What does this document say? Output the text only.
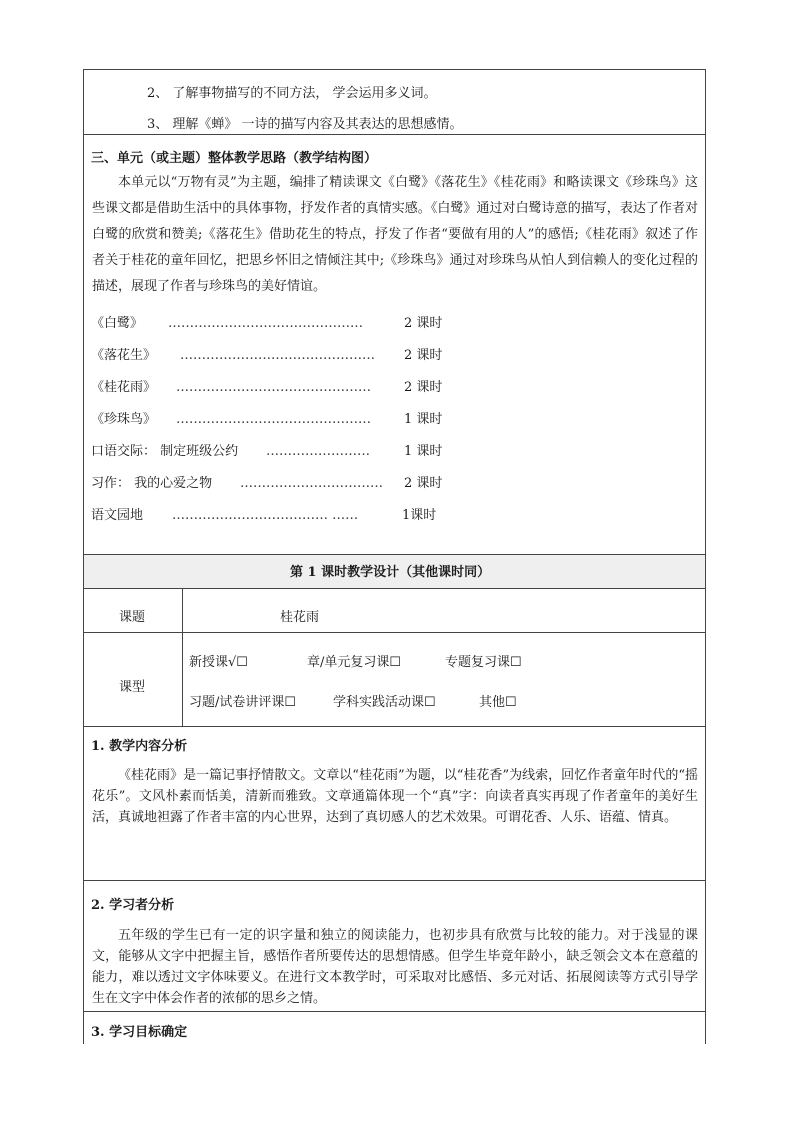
2、 了解事物描写的不同方法， 学会运用多义词。
3、 理解《蝉》 一诗的描写内容及其表达的思想感情。
三、单元（或主题）整体教学思路（教学结构图）
本单元以“万物有灵”为主题，编排了精读课文《白鹭》《落花生》《桂花雨》和略读课文《珍珠鸟》这些课文都是借助生活中的具体事物，抒发作者的真情实感。《白鹭》通过对白鹭诗意的描写，表达了作者对白鹭的欣赏和赞美;《落花生》借助花生的特点，抒发了作者“要做有用的人”的感悟;《桂花雨》叙述了作者关于桂花的童年回忆，把思乡怀旧之情倾注其中;《珍珠鸟》通过对珍珠鸟从怕人到信赖人的变化过程的描述，展现了作者与珍珠鸟的美好情谊。
《白鹭》 ………………………………………	2 课时
《落花生》 ……………………………………… 2 课时
《桂花雨》 ………………………………………	2 课时
《珍珠鸟》 ………………………………………	1 课时
口语交际： 制定班级公约 ……………………	1 课时
习作： 我的心爱之物 …………………………… 2 课时
语文园地 ……………………………… ……	1课时
第 1 课时教学设计（其他课时同）
课题	桂花雨
课型
新授课√☐	章/单元复习课☐	专题复习课☐
习题/试卷讲评课☐	学科实践活动课☐	其他☐
1. 教学内容分析
《桂花雨》是一篇记事抒情散文。文章以“桂花雨”为题，以“桂花香”为线索，回忆作者童年时代的“摇花乐”。文风朴素而恬美，清新而雅致。文章通篇体现一个“真”字：向读者真实再现了作者童年的美好生活，真诚地袒露了作者丰富的内心世界，达到了真切感人的艺术效果。可谓花香、人乐、语蕴、情真。
2. 学习者分析
五年级的学生已有一定的识字量和独立的阅读能力，也初步具有欣赏与比较的能力。对于浅显的课文，能够从文字中把握主旨，感悟作者所要传达的思想情感。但学生毕竟年龄小，缺乏领会文本在意蕴的能力，难以透过文字体味要义。在进行文本教学时，可采取对比感悟、多元对话、拓展阅读等方式引导学生在文字中体会作者的浓郁的思乡之情。
3. 学习目标确定
